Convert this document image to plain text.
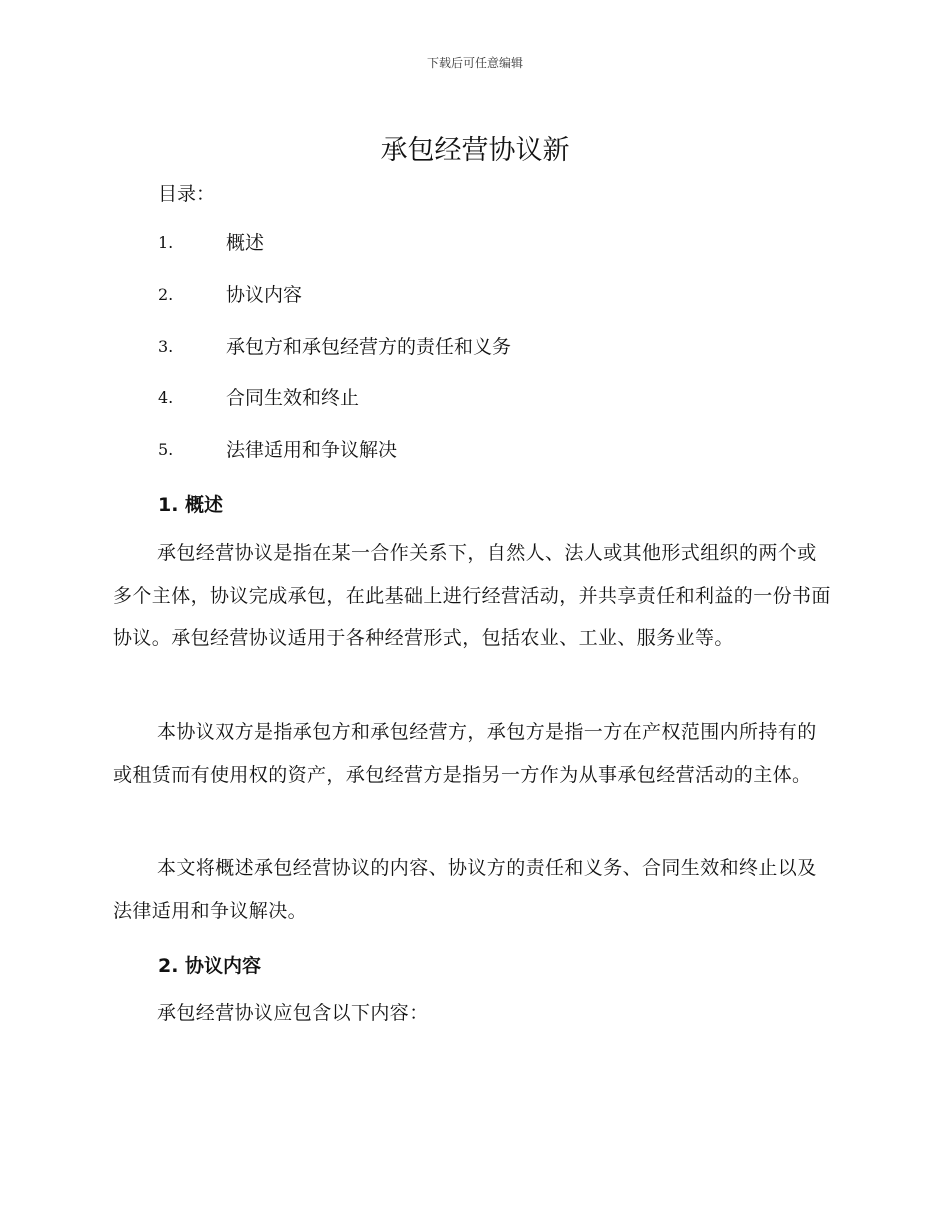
下载后可任意编辑
承包经营协议新
目录：
1.	概述
2.	协议内容
3.	承包方和承包经营方的责任和义务
4.	合同生效和终止
5.	法律适用和争议解决
1. 概述

承包经营协议是指在某一合作关系下，自然人、法人或其他形式组织的两个或多个主体，协议完成承包，在此基础上进行经营活动，并共享责任和利益的一份书面协议。承包经营协议适用于各种经营形式，包括农业、工业、服务业等。

本协议双方是指承包方和承包经营方，承包方是指一方在产权范围内所持有的或租赁而有使用权的资产，承包经营方是指另一方作为从事承包经营活动的主体。

本文将概述承包经营协议的内容、协议方的责任和义务、合同生效和终止以及法律适用和争议解决。

2. 协议内容

承包经营协议应包含以下内容：
